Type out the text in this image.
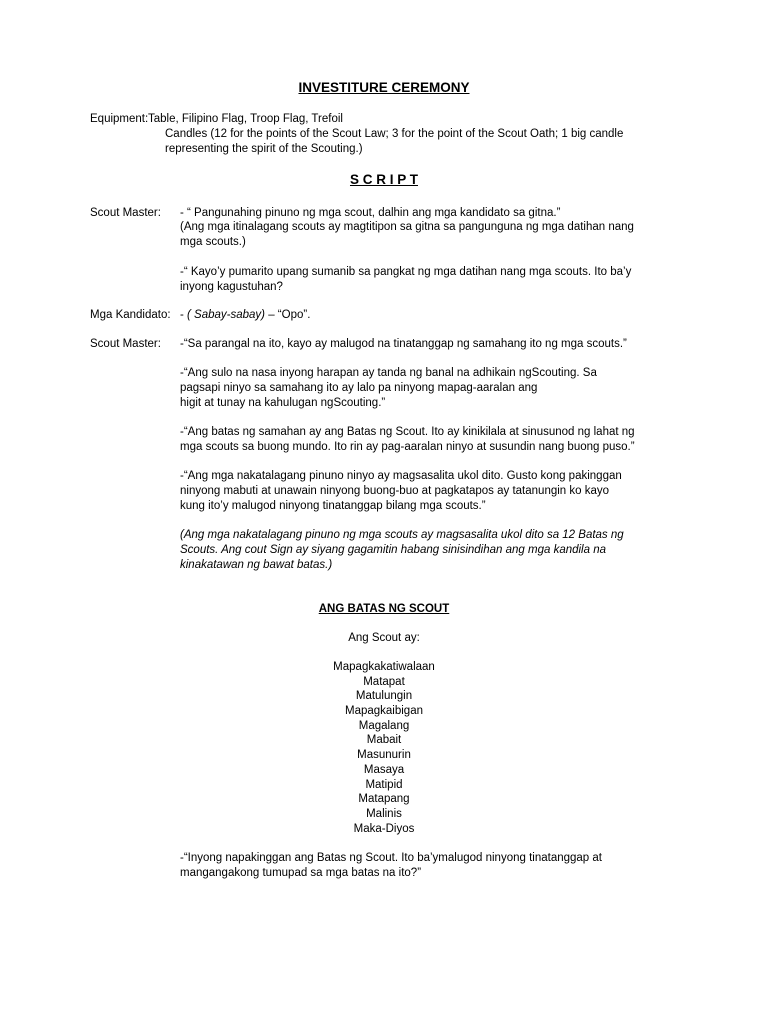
INVESTITURE CEREMONY
Equipment: Table, Filipino Flag, Troop Flag, Trefoil
Candles (12 for the points of the Scout Law; 3 for the point of the Scout Oath; 1 big candle
representing the spirit of the Scouting.)
S C R I P T
Scout Master: - “ Pangunahing pinuno ng mga scout, dalhin ang mga kandidato sa gitna.”
(Ang mga itinalagang scouts ay magtitipon sa gitna sa pangunguna ng mga datihan nang
mga scouts.)
-“ Kayo’y pumarito upang sumanib sa pangkat ng mga datihan nang mga scouts. Ito ba’y
inyong kagustuhan?
Mga Kandidato: - ( Sabay-sabay) – “Opo”.
Scout Master: -“Sa parangal na ito, kayo ay malugod na tinatanggap ng samahang ito ng mga scouts.”
-“Ang sulo na nasa inyong harapan ay tanda ng banal na adhikain ngScouting. Sa
pagsapi ninyo sa samahang ito ay lalo pa ninyong mapag-aaralan ang
higit at tunay na kahulugan ngScouting.”
-“Ang batas ng samahan ay ang Batas ng Scout. Ito ay kinikilala at sinusunod ng lahat ng
mga scouts sa buong mundo. Ito rin ay pag-aaralan ninyo at susundin nang buong puso.”
-“Ang mga nakatalagang pinuno ninyo ay magsasalita ukol dito. Gusto kong pakinggan
ninyong mabuti at unawain ninyong buong-buo at pagkatapos ay tatanungin ko kayo
kung ito’y malugod ninyong tinatanggap bilang mga scouts.”
(Ang mga nakatalagang pinuno ng mga scouts ay magsasalita ukol dito sa 12 Batas ng
Scouts. Ang cout Sign ay siyang gagamitin habang sinisindihan ang mga kandila na
kinakatawan ng bawat batas.)
ANG BATAS NG SCOUT
Ang Scout ay:
Mapagkakatiwalaan
Matapat
Matulungin
Mapagkaibigan
Magalang
Mabait
Masunurin
Masaya
Matipid
Matapang
Malinis
Maka-Diyos
-“Inyong napakinggan ang Batas ng Scout. Ito ba’ymalugod ninyong tinatanggap at
mangangakong tumupad sa mga batas na ito?”
